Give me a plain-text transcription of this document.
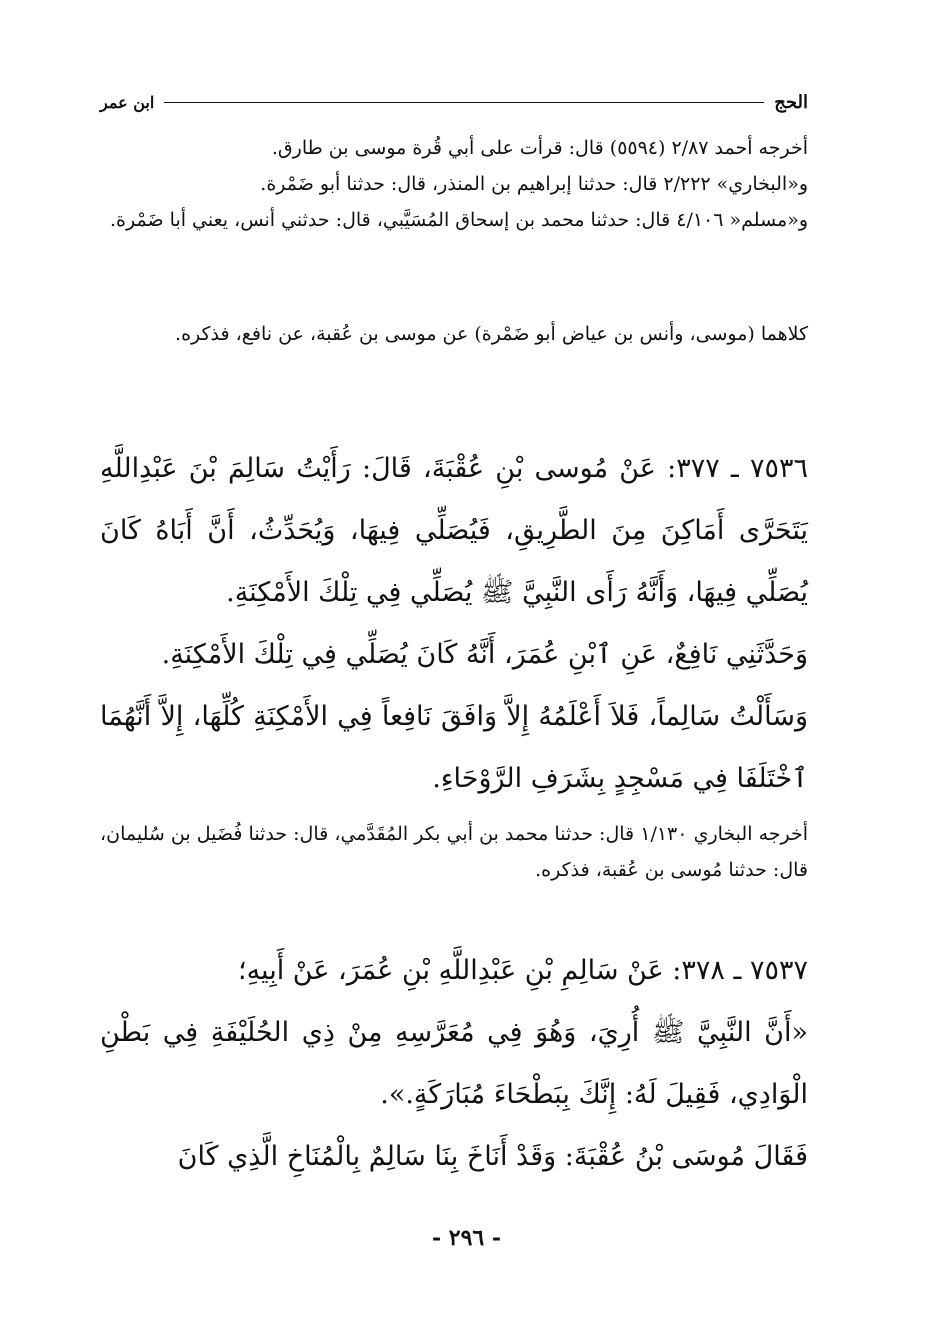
الحج
ابن عمر

أخرجه أحمد ٢/٨٧ (٥٥٩٤) قال: قرأت على أبي قُرة موسى بن طارق.

و«البخاري» ٢/٢٢٢ قال: حدثنا إبراهيم بن المنذر، قال: حدثنا أبو ضَمْرة.

و«مسلم« ٤/١٠٦ قال: حدثنا محمد بن إسحاق المُسَيَّبي، قال: حدثني أنس، يعني أبا ضَمْرة.

كلاهما (موسى، وأنس بن عياض أبو ضَمْرة) عن موسى بن عُقبة، عن نافع، فذكره.

٧٥٣٦ ـ ٣٧٧: عَنْ مُوسى بْنِ عُقْبَةَ، قَالَ: رَأَيْتُ سَالِمَ بْنَ عَبْدِاللَّهِ يَتَحَرَّى أَمَاكِنَ مِنَ الطَّرِيقِ، فَيُصَلِّي فِيهَا، وَيُحَدِّثُ، أَنَّ أَبَاهُ كَانَ يُصَلِّي فِيهَا، وَأَنَّهُ رَأَى النَّبِيَّ ﷺ يُصَلِّي فِي تِلْكَ الأَمْكِنَةِ.

وَحَدَّثَنِي نَافِعٌ، عَنِ ٱبْنِ عُمَرَ، أَنَّهُ كَانَ يُصَلِّي فِي تِلْكَ الأَمْكِنَةِ.

وَسَأَلْتُ سَالِماً، فَلاَ أَعْلَمُهُ إِلاَّ وَافَقَ نَافِعاً فِي الأَمْكِنَةِ كُلِّهَا، إِلاَّ أَنَّهُمَا ٱخْتَلَفَا فِي مَسْجِدٍ بِشَرَفِ الرَّوْحَاءِ.

أخرجه البخاري ١/١٣٠ قال: حدثنا محمد بن أبي بكر المُقَدَّمي، قال: حدثنا فُضَيل بن سُليمان، قال: حدثنا مُوسى بن عُقبة، فذكره.

٧٥٣٧ ـ ٣٧٨: عَنْ سَالِمِ بْنِ عَبْدِاللَّهِ بْنِ عُمَرَ، عَنْ أَبِيهِ؛

«أَنَّ النَّبِيَّ ﷺ أُرِيَ، وَهُوَ فِي مُعَرَّسِهِ مِنْ ذِي الحُلَيْفَةِ فِي بَطْنِ الْوَادِي، فَقِيلَ لَهُ: إِنَّكَ بِبَطْحَاءَ مُبَارَكَةٍ.».

فَقَالَ مُوسَى بْنُ عُقْبَةَ: وَقَدْ أَنَاخَ بِنَا سَالِمٌ بِالْمُنَاخِ الَّذِي كَانَ

- ٢٩٦ -
